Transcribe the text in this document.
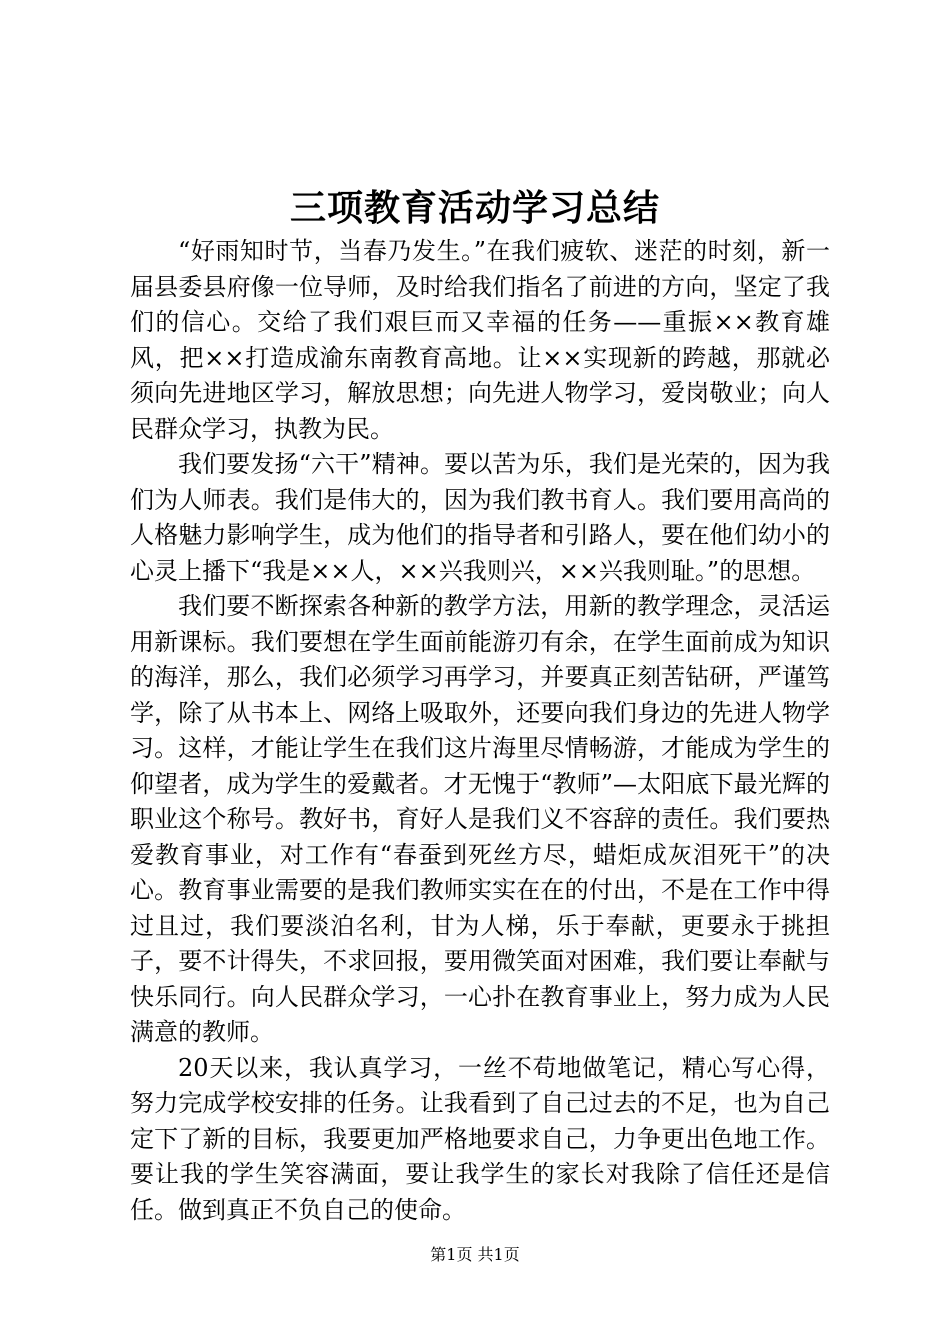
三项教育活动学习总结

“好雨知时节，当春乃发生。”在我们疲软、迷茫的时刻，新一届县委县府像一位导师，及时给我们指名了前进的方向，坚定了我们的信心。交给了我们艰巨而又幸福的任务——重振××教育雄风，把××打造成渝东南教育高地。让××实现新的跨越，那就必须向先进地区学习，解放思想；向先进人物学习，爱岗敬业；向人民群众学习，执教为民。

我们要发扬“六干”精神。要以苦为乐，我们是光荣的，因为我们为人师表。我们是伟大的，因为我们教书育人。我们要用高尚的人格魅力影响学生，成为他们的指导者和引路人，要在他们幼小的心灵上播下“我是××人，××兴我则兴，××兴我则耻。”的思想。

我们要不断探索各种新的教学方法，用新的教学理念，灵活运用新课标。我们要想在学生面前能游刃有余，在学生面前成为知识的海洋，那么，我们必须学习再学习，并要真正刻苦钻研，严谨笃学，除了从书本上、网络上吸取外，还要向我们身边的先进人物学习。这样，才能让学生在我们这片海里尽情畅游，才能成为学生的仰望者，成为学生的爱戴者。才无愧于“教师”—太阳底下最光辉的职业这个称号。教好书，育好人是我们义不容辞的责任。我们要热爱教育事业，对工作有“春蚕到死丝方尽，蜡炬成灰泪死干”的决心。教育事业需要的是我们教师实实在在的付出，不是在工作中得过且过，我们要淡泊名利，甘为人梯，乐于奉献，更要永于挑担子，要不计得失，不求回报，要用微笑面对困难，我们要让奉献与快乐同行。向人民群众学习，一心扑在教育事业上，努力成为人民满意的教师。

20天以来，我认真学习，一丝不苟地做笔记，精心写心得，努力完成学校安排的任务。让我看到了自己过去的不足，也为自己定下了新的目标，我要更加严格地要求自己，力争更出色地工作。要让我的学生笑容满面，要让我学生的家长对我除了信任还是信任。做到真正不负自己的使命。

第1页 共1页
